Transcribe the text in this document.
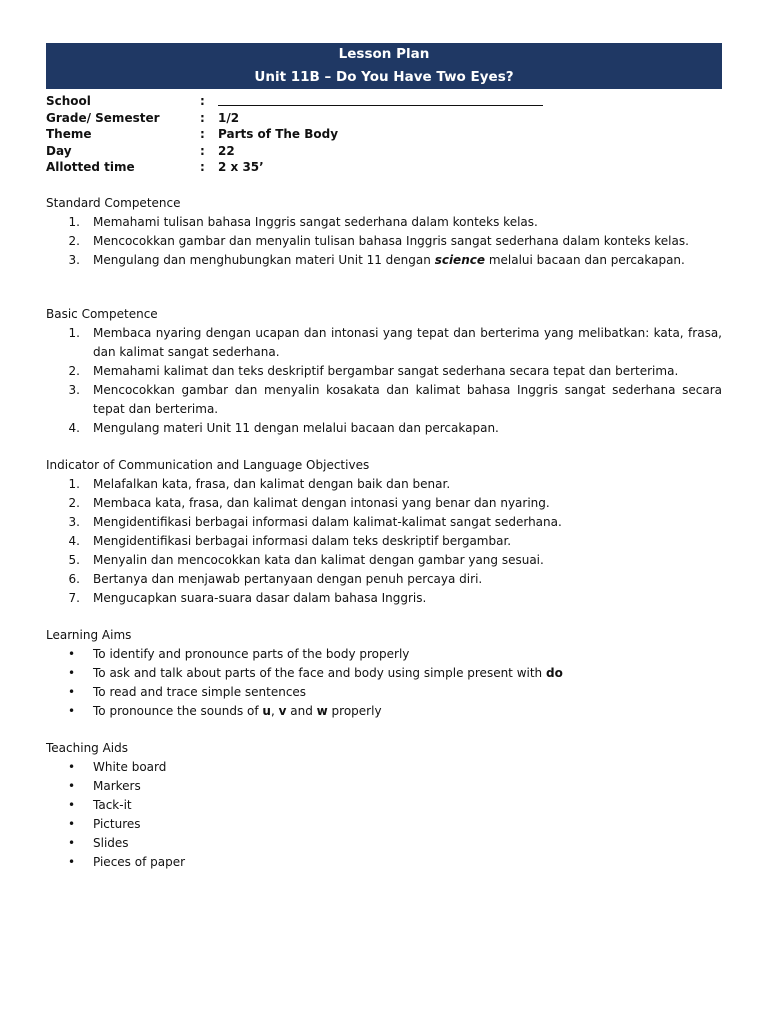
Lesson Plan
Unit 11B – Do You Have Two Eyes?
School	:
Grade/ Semester	:	1/2
Theme	:	Parts of The Body
Day	:	22
Allotted time	:	2 x 35’
Standard Competence
1.	Memahami tulisan bahasa Inggris sangat sederhana dalam konteks kelas.
2.	Mencocokkan gambar dan menyalin tulisan bahasa Inggris sangat sederhana dalam konteks kelas.
3.	Mengulang dan menghubungkan materi Unit 11 dengan science melalui bacaan dan percakapan.
Basic Competence
1.	Membaca nyaring dengan ucapan dan intonasi yang tepat dan berterima yang melibatkan: kata, frasa, dan kalimat sangat sederhana.
2.	Memahami kalimat dan teks deskriptif bergambar sangat sederhana secara tepat dan berterima.
3.	Mencocokkan gambar dan menyalin kosakata dan kalimat bahasa Inggris sangat sederhana secara tepat dan berterima.
4.	Mengulang materi Unit 11 dengan melalui bacaan dan percakapan.
Indicator of Communication and Language Objectives
1.	Melafalkan kata, frasa, dan kalimat dengan baik dan benar.
2.	Membaca kata, frasa, dan kalimat dengan intonasi yang benar dan nyaring.
3.	Mengidentifikasi berbagai informasi dalam kalimat-kalimat sangat sederhana.
4.	Mengidentifikasi berbagai informasi dalam teks deskriptif bergambar.
5.	Menyalin dan mencocokkan kata dan kalimat dengan gambar yang sesuai.
6.	Bertanya dan menjawab pertanyaan dengan penuh percaya diri.
7.	Mengucapkan suara-suara dasar dalam bahasa Inggris.
Learning Aims
•	To identify and pronounce parts of the body properly
•	To ask and talk about parts of the face and body using simple present with do
•	To read and trace simple sentences
•	To pronounce the sounds of u, v and w properly
Teaching Aids
•	White board
•	Markers
•	Tack-it
•	Pictures
•	Slides
•	Pieces of paper
